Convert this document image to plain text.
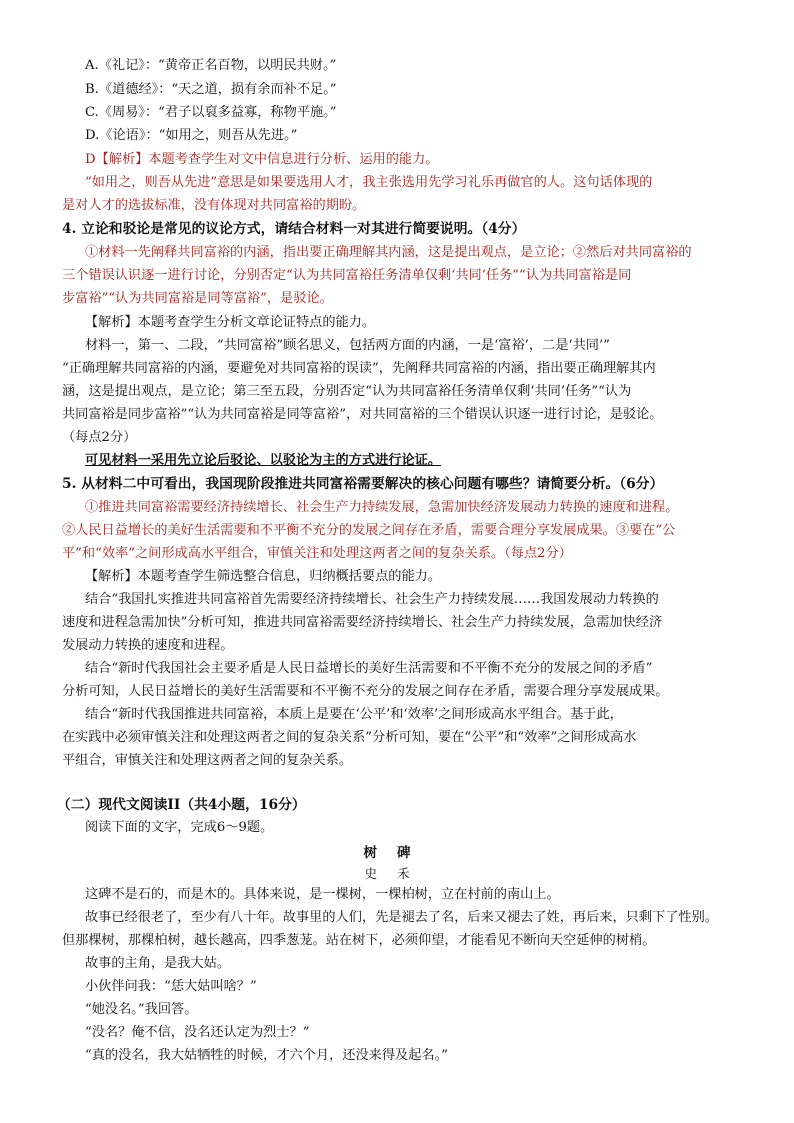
A.《礼记》：“黄帝正名百物，以明民共财。”
B.《道德经》：“天之道，损有余而补不足。”
C.《周易》：“君子以裒多益寡，称物平施。”
D.《论语》：“如用之，则吾从先进。”
D【解析】本题考查学生对文中信息进行分析、运用的能力。
“如用之，则吾从先进”意思是如果要选用人才，我主张选用先学习礼乐再做官的人。这句话体现的
是对人才的选拔标准，没有体现对共同富裕的期盼。
4. 立论和驳论是常见的议论方式，请结合材料一对其进行简要说明。（4分）
①材料一先阐释共同富裕的内涵，指出要正确理解其内涵，这是提出观点，是立论；②然后对共同富裕的
三个错误认识逐一进行讨论，分别否定“认为共同富裕任务清单仅剩‘共同’任务”“认为共同富裕是同
步富裕”“认为共同富裕是同等富裕”，是驳论。
【解析】本题考查学生分析文章论证特点的能力。
材料一，第一、二段，“共同富裕”顾名思义，包括两方面的内涵，一是‘富裕’，二是‘共同’”
“正确理解共同富裕的内涵，要避免对共同富裕的误读”，先阐释共同富裕的内涵，指出要正确理解其内
涵，这是提出观点，是立论；第三至五段，分别否定“认为共同富裕任务清单仅剩‘共同’任务”“认为
共同富裕是同步富裕”“认为共同富裕是同等富裕”，对共同富裕的三个错误认识逐一进行讨论，是驳论。
（每点2分）
可见材料一采用先立论后驳论、以驳论为主的方式进行论证。
5. 从材料二中可看出，我国现阶段推进共同富裕需要解决的核心问题有哪些？请简要分析。（6分）
①推进共同富裕需要经济持续增长、社会生产力持续发展，急需加快经济发展动力转换的速度和进程。
②人民日益增长的美好生活需要和不平衡不充分的发展之间存在矛盾，需要合理分享发展成果。③要在“公
平”和“效率”之间形成高水平组合，审慎关注和处理这两者之间的复杂关系。（每点2分）
【解析】本题考查学生筛选整合信息，归纳概括要点的能力。
结合“我国扎实推进共同富裕首先需要经济持续增长、社会生产力持续发展……我国发展动力转换的
速度和进程急需加快”分析可知，推进共同富裕需要经济持续增长、社会生产力持续发展，急需加快经济
发展动力转换的速度和进程。
结合“新时代我国社会主要矛盾是人民日益增长的美好生活需要和不平衡不充分的发展之间的矛盾”
分析可知，人民日益增长的美好生活需要和不平衡不充分的发展之间存在矛盾，需要合理分享发展成果。
结合“新时代我国推进共同富裕，本质上是要在‘公平’和‘效率’之间形成高水平组合。基于此，
在实践中必须审慎关注和处理这两者之间的复杂关系”分析可知，要在“公平”和“效率”之间形成高水
平组合，审慎关注和处理这两者之间的复杂关系。
（二）现代文阅读II（共4小题，16分）
阅读下面的文字，完成6～9题。
树碑
史禾
这碑不是石的，而是木的。具体来说，是一棵树，一棵柏树，立在村前的南山上。
故事已经很老了，至少有八十年。故事里的人们，先是褪去了名，后来又褪去了姓，再后来，只剩下了性别。
但那棵树，那棵柏树，越长越高，四季葱茏。站在树下，必须仰望，才能看见不断向天空延伸的树梢。
故事的主角，是我大姑。
小伙伴问我：“恁大姑叫啥？”
“她没名。”我回答。
“没名？俺不信，没名还认定为烈士？”
“真的没名，我大姑牺牲的时候，才六个月，还没来得及起名。”
